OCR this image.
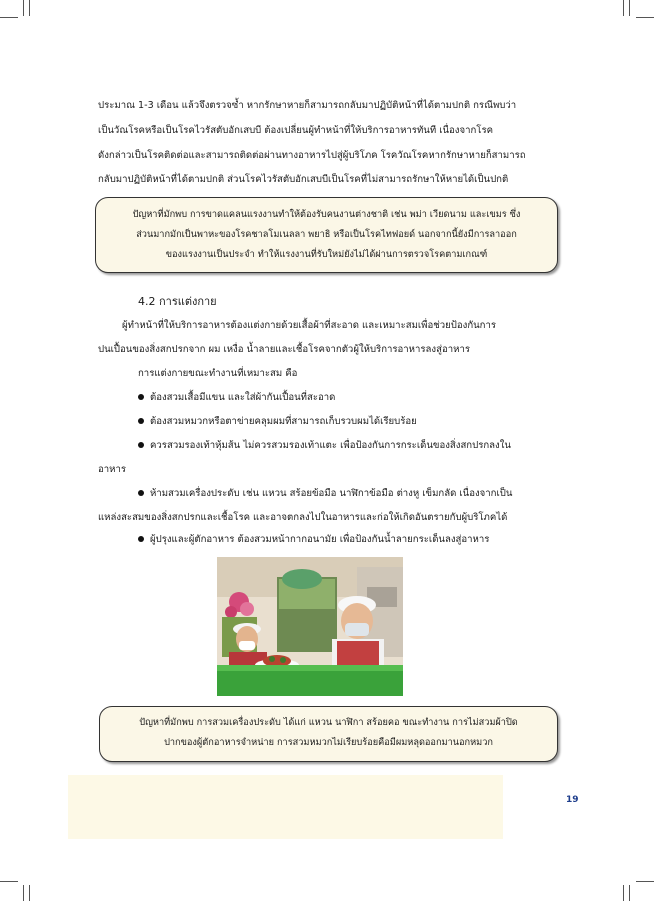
ประมาณ 1-3 เดือน แล้วจึงตรวจซ้ำ หากรักษาหายก็สามารถกลับมาปฏิบัติหน้าที่ได้ตามปกติ กรณีพบว่า

เป็นวัณโรคหรือเป็นโรคไวรัสตับอักเสบบี ต้องเปลี่ยนผู้ทำหน้าที่ให้บริการอาหารทันที เนื่องจากโรค

ดังกล่าวเป็นโรคติดต่อและสามารถติดต่อผ่านทางอาหารไปสู่ผู้บริโภค โรควัณโรคหากรักษาหายก็สามารถ

กลับมาปฏิบัติหน้าที่ได้ตามปกติ ส่วนโรคไวรัสตับอักเสบบีเป็นโรคที่ไม่สามารถรักษาให้หายได้เป็นปกติ

ปัญหาที่มักพบ การขาดแคลนแรงงานทำให้ต้องรับคนงานต่างชาติ เช่น พม่า เวียดนาม และเขมร ซึ่ง

ส่วนมากมักเป็นพาหะของโรคชาลโมเนลลา พยาธิ หรือเป็นโรคไทฟอยด์ นอกจากนี้ยังมีการลาออก

ของแรงงานเป็นประจำ ทำให้แรงงานที่รับใหม่ยังไม่ได้ผ่านการตรวจโรคตามเกณฑ์

4.2 การแต่งกาย

ผู้ทำหน้าที่ให้บริการอาหารต้องแต่งกายด้วยเสื้อผ้าที่สะอาด และเหมาะสมเพื่อช่วยป้องกันการ

ปนเปื้อนของสิ่งสกปรกจาก ผม เหงื่อ น้ำลายและเชื้อโรคจากตัวผู้ให้บริการอาหารลงสู่อาหาร

การแต่งกายขณะทำงานที่เหมาะสม คือ

ต้องสวมเสื้อมีแขน และใส่ผ้ากันเปื้อนที่สะอาด

ต้องสวมหมวกหรือตาข่ายคลุมผมที่สามารถเก็บรวบผมได้เรียบร้อย

ควรสวมรองเท้าหุ้มส้น ไม่ควรสวมรองเท้าแตะ เพื่อป้องกันการกระเด็นของสิ่งสกปรกลงใน

อาหาร

ห้ามสวมเครื่องประดับ เช่น แหวน สร้อยข้อมือ นาฬิกาข้อมือ ต่างหู เข็มกลัด เนื่องจากเป็น

แหล่งสะสมของสิ่งสกปรกและเชื้อโรค และอาจตกลงไปในอาหารและก่อให้เกิดอันตรายกับผู้บริโภคได้

ผู้ปรุงและผู้ตักอาหาร ต้องสวมหน้ากากอนามัย เพื่อป้องกันน้ำลายกระเด็นลงสู่อาหาร

ปัญหาที่มักพบ การสวมเครื่องประดับ ได้แก่ แหวน นาฬิกา สร้อยคอ ขณะทำงาน การไม่สวมผ้าปิด

ปากของผู้ตักอาหารจำหน่าย การสวมหมวกไม่เรียบร้อยคือมีผมหลุดออกมานอกหมวก

19
